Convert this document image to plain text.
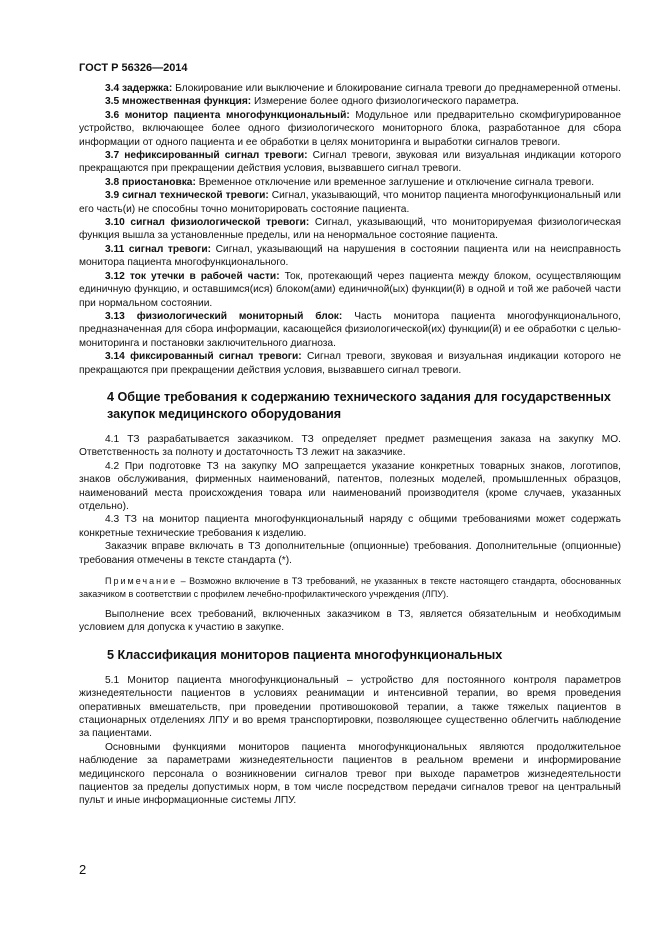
ГОСТ Р 56326—2014

3.4 задержка: Блокирование или выключение и блокирование сигнала тревоги до преднамеренной отмены.

3.5 множественная функция: Измерение более одного физиологического параметра.

3.6 монитор пациента многофункциональный: Модульное или предварительно скомфигурированное устройство, включающее более одного физиологического мониторного блока, разработанное для сбора информации от одного пациента и ее обработки в целях мониторинга и выработки сигналов тревоги.

3.7 нефиксированный сигнал тревоги: Сигнал тревоги, звуковая или визуальная индикации которого прекращаются при прекращении действия условия, вызвавшего сигнал тревоги.

3.8 приостановка: Временное отключение или временное заглушение и отключение сигнала тревоги.

3.9 сигнал технической тревоги: Сигнал, указывающий, что монитор пациента многофункциональный или его часть(и) не способны точно мониторировать состояние пациента.

3.10 сигнал физиологической тревоги: Сигнал, указывающий, что мониторируемая физиологическая функция вышла за установленные пределы, или на ненормальное состояние пациента.

3.11 сигнал тревоги: Сигнал, указывающий на нарушения в состоянии пациента или на неисправность монитора пациента многофункционального.

3.12 ток утечки в рабочей части: Ток, протекающий через пациента между блоком, осуществляющим единичную функцию, и оставшимся(ися) блоком(ами) единичной(ых) функции(й) в одной и той же рабочей части при нормальном состоянии.

3.13 физиологический мониторный блок: Часть монитора пациента многофункционального, предназначенная для сбора информации, касающейся физиологической(их) функции(й) и ее обработки с целью-мониторинга и постановки заключительного диагноза.

3.14 фиксированный сигнал тревоги: Сигнал тревоги, звуковая и визуальная индикации которого не прекращаются при прекращении действия условия, вызвавшего сигнал тревоги.

4 Общие требования к содержанию технического задания для государственных закупок медицинского оборудования

4.1 ТЗ разрабатывается заказчиком. ТЗ определяет предмет размещения заказа на закупку МО. Ответственность за полноту и достаточность ТЗ лежит на заказчике.

4.2 При подготовке ТЗ на закупку МО запрещается указание конкретных товарных знаков, логотипов, знаков обслуживания, фирменных наименований, патентов, полезных моделей, промышленных образцов, наименований места происхождения товара или наименований производителя (кроме случаев, указанных отдельно).

4.3 ТЗ на монитор пациента многофункциональный наряду с общими требованиями может содержать конкретные технические требования к изделию.

Заказчик вправе включать в ТЗ дополнительные (опционные) требования. Дополнительные (опционные) требования отмечены в тексте стандарта (*).

Примечание – Возможно включение в ТЗ требований, не указанных в тексте настоящего стандарта, обоснованных заказчиком в соответствии с профилем лечебно-профилактического учреждения (ЛПУ).

Выполнение всех требований, включенных заказчиком в ТЗ, является обязательным и необходимым условием для допуска к участию в закупке.

5 Классификация мониторов пациента многофункциональных

5.1 Монитор пациента многофункциональный – устройство для постоянного контроля параметров жизнедеятельности пациентов в условиях реанимации и интенсивной терапии, во время проведения оперативных вмешательств, при проведении противошоковой терапии, а также тяжелых пациентов в стационарных отделениях ЛПУ и во время транспортировки, позволяющее существенно облегчить наблюдение за пациентами.

Основными функциями мониторов пациента многофункциональных являются продолжительное наблюдение за параметрами жизнедеятельности пациентов в реальном времени и информирование медицинского персонала о возникновении сигналов тревог при выходе параметров жизнедеятельности пациентов за пределы допустимых норм, в том числе посредством передачи сигналов тревог на центральный пульт и иные информационные системы ЛПУ.

2
